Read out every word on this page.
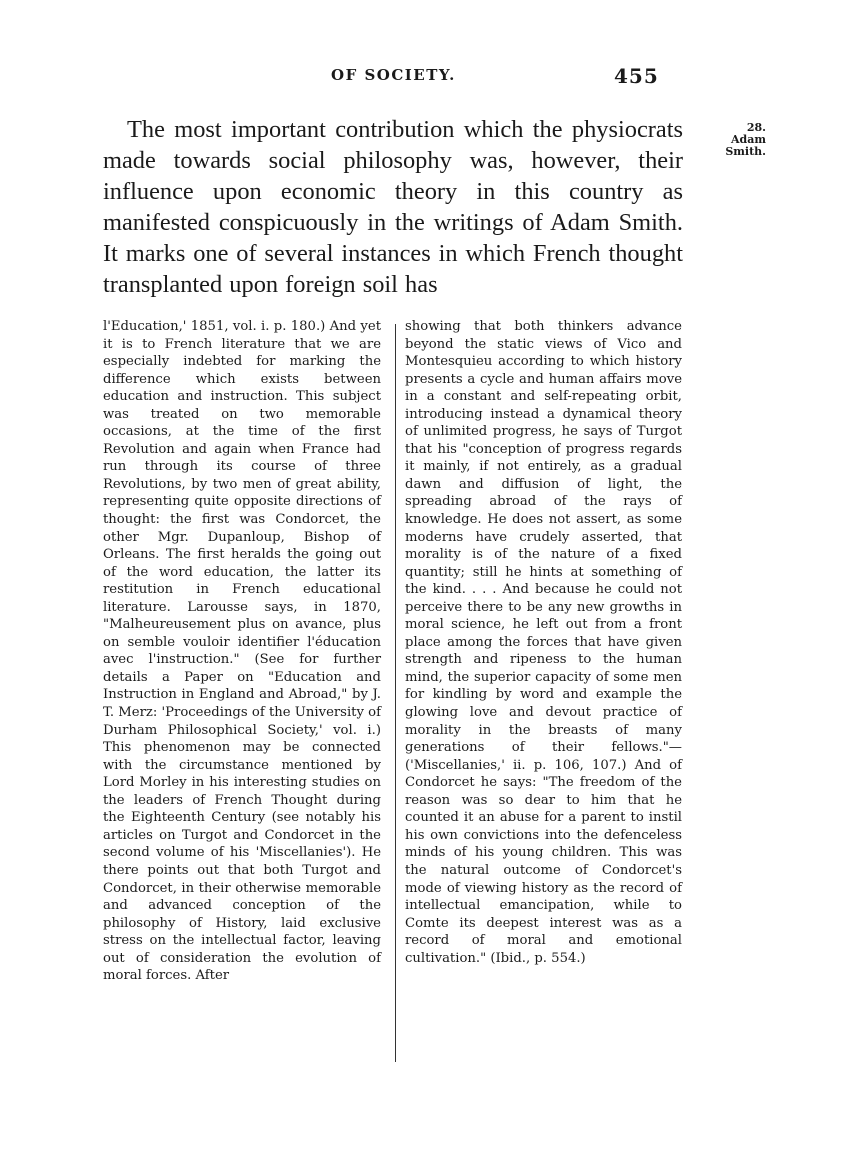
OF SOCIETY.	455

The most important contribution which the physiocrats made towards social philosophy was, however, their influence upon economic theory in this country as manifested conspicuously in the writings of Adam Smith. It marks one of several instances in which French thought transplanted upon foreign soil has

28.
Adam
Smith.

l'Education,' 1851, vol. i. p. 180.) And yet it is to French literature that we are especially indebted for marking the difference which exists between education and instruction. This subject was treated on two memorable occasions, at the time of the first Revolution and again when France had run through its course of three Revolutions, by two men of great ability, representing quite opposite directions of thought: the first was Condorcet, the other Mgr. Dupanloup, Bishop of Orleans. The first heralds the going out of the word education, the latter its restitution in French educational literature. Larousse says, in 1870, "Malheureusement plus on avance, plus on semble vouloir identifier l'éducation avec l'instruction." (See for further details a Paper on "Education and Instruction in England and Abroad," by J. T. Merz: 'Proceedings of the University of Durham Philosophical Society,' vol. i.) This phenomenon may be connected with the circumstance mentioned by Lord Morley in his interesting studies on the leaders of French Thought during the Eighteenth Century (see notably his articles on Turgot and Condorcet in the second volume of his 'Miscellanies'). He there points out that both Turgot and Condorcet, in their otherwise memorable and advanced conception of the philosophy of History, laid exclusive stress on the intellectual factor, leaving out of consideration the evolution of moral forces. After

showing that both thinkers advance beyond the static views of Vico and Montesquieu according to which history presents a cycle and human affairs move in a constant and self-repeating orbit, introducing instead a dynamical theory of unlimited progress, he says of Turgot that his "conception of progress regards it mainly, if not entirely, as a gradual dawn and diffusion of light, the spreading abroad of the rays of knowledge. He does not assert, as some moderns have crudely asserted, that morality is of the nature of a fixed quantity; still he hints at something of the kind. . . . And because he could not perceive there to be any new growths in moral science, he left out from a front place among the forces that have given strength and ripeness to the human mind, the superior capacity of some men for kindling by word and example the glowing love and devout practice of morality in the breasts of many generations of their fellows."—('Miscellanies,' ii. p. 106, 107.) And of Condorcet he says: "The freedom of the reason was so dear to him that he counted it an abuse for a parent to instil his own convictions into the defenceless minds of his young children. This was the natural outcome of Condorcet's mode of viewing history as the record of intellectual emancipation, while to Comte its deepest interest was as a record of moral and emotional cultivation." (Ibid., p. 554.)
